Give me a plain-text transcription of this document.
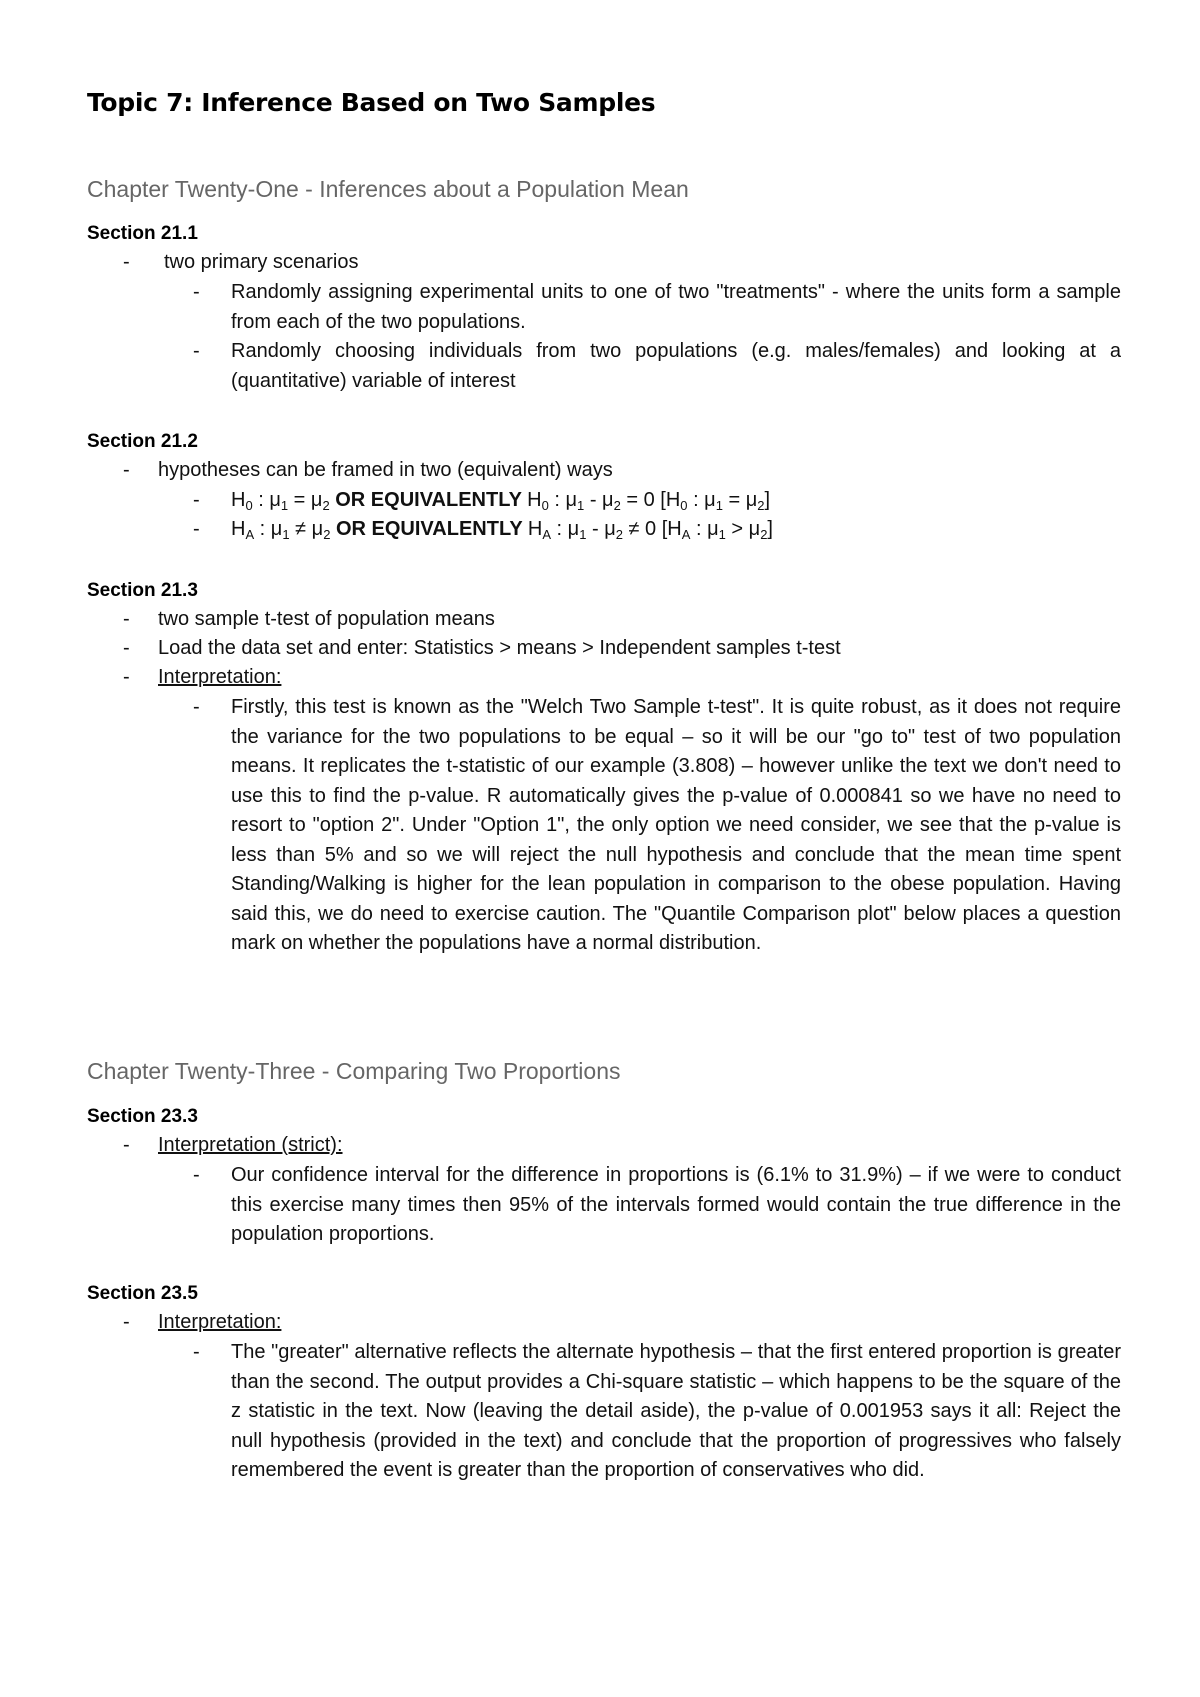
Topic 7: Inference Based on Two Samples
Chapter Twenty-One - Inferences about a Population Mean
Section 21.1
- two primary scenarios

- Randomly assigning experimental units to one of two "treatments" - where the units form a sample from each of the two populations.

- Randomly choosing individuals from two populations (e.g. males/females) and looking at a (quantitative) variable of interest

Section 21.2
- hypotheses can be framed in two (equivalent) ways

- $H_0$ : $\mu_1 = \mu_2$ OR EQUIVALENTLY $H_0$ : $\mu_1 - \mu_2 = 0$ [$H_0$ : $\mu_1 = \mu_2$]

- $H_A$ : $\mu_1 \ne \mu_2$ OR EQUIVALENTLY $H_A$ : $\mu_1 - \mu_2 \ne 0$ [$H_A$ : $\mu_1 > \mu_2$]

Section 21.3
- two sample t-test of population means

- Load the data set and enter: Statistics > means > Independent samples t-test

- Interpretation:

- Firstly, this test is known as the "Welch Two Sample t-test". It is quite robust, as it does not require the variance for the two populations to be equal – so it will be our "go to" test of two population means. It replicates the t-statistic of our example (3.808) – however unlike the text we don't need to use this to find the p-value. R automatically gives the p-value of 0.000841 so we have no need to resort to "option 2". Under "Option 1", the only option we need consider, we see that the p-value is less than 5% and so we will reject the null hypothesis and conclude that the mean time spent Standing/Walking is higher for the lean population in comparison to the obese population. Having said this, we do need to exercise caution. The "Quantile Comparison plot" below places a question mark on whether the populations have a normal distribution.

Chapter Twenty-Three - Comparing Two Proportions
Section 23.3
- Interpretation (strict):

- Our confidence interval for the difference in proportions is (6.1% to 31.9%) – if we were to conduct this exercise many times then 95% of the intervals formed would contain the true difference in the population proportions.

Section 23.5
- Interpretation:

- The "greater" alternative reflects the alternate hypothesis – that the first entered proportion is greater than the second. The output provides a Chi-square statistic – which happens to be the square of the z statistic in the text. Now (leaving the detail aside), the p-value of 0.001953 says it all: Reject the null hypothesis (provided in the text) and conclude that the proportion of progressives who falsely remembered the event is greater than the proportion of conservatives who did.
